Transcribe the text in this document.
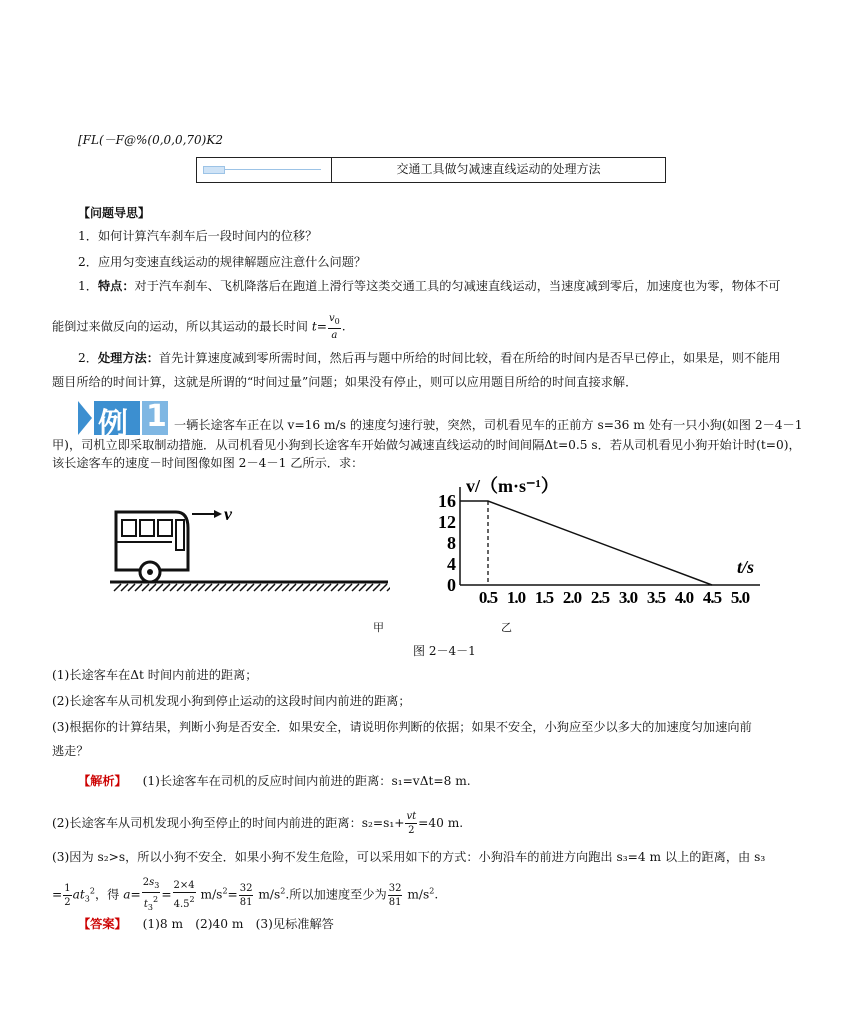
[FL(－F@%(0,0,0,70)K2
交通工具做匀减速直线运动的处理方法
【问题导思】
1．如何计算汽车刹车后一段时间内的位移？
2．应用匀变速直线运动的规律解题应注意什么问题？
1．特点：对于汽车刹车、飞机降落后在跑道上滑行等这类交通工具的匀减速直线运动，当速度减到零后，加速度也为零，物体不可
能倒过来做反向的运动，所以其运动的最长时间 $t= \frac{v_0}{a}$ .
2．处理方法：首先计算速度减到零所需时间，然后再与题中所给的时间比较，看在所给的时间内是否早已停止，如果是，则不能用
题目所给的时间计算，这就是所谓的“时间过量”问题；如果没有停止，则可以应用题目所给的时间直接求解．
例 1 一辆长途客车正在以 v=16 m/s 的速度匀速行驶，突然，司机看见车的正前方 s=36 m 处有一只小狗(如图 2－4－1
甲)，司机立即采取制动措施．从司机看见小狗到长途客车开始做匀减速直线运动的时间间隔Δt=0.5 s．若从司机看见小狗开始计时(t=0)，
该长途客车的速度－时间图像如图 2－4－1 乙所示．求：
v
0
4
8
12
16
0.5 1.0 1.5 2.0 2.5 3.0 3.5 4.0 4.5 5.0
v/（m·s⁻¹）
t/s
甲	乙
图 2－4－1
(1)长途客车在Δt 时间内前进的距离；
(2)长途客车从司机发现小狗到停止运动的这段时间内前进的距离；
(3)根据你的计算结果，判断小狗是否安全．如果安全，请说明你判断的依据；如果不安全，小狗应至少以多大的加速度匀加速向前
逃走？
【解析】 (1)长途客车在司机的反应时间内前进的距离：s₁=vΔt=8 m.
(2)长途客车从司机发现小狗至停止的时间内前进的距离：$s_2=s_1+ \frac{vt}{2} =40$ m.
(3)因为 s₂>s，所以小狗不安全．如果小狗不发生危险，可以采用如下的方式：小狗沿车的前进方向跑出 s₃=4 m 以上的距离，由 s₃
= $\frac{1}{2} at_3^2$，得 $a= \frac{2s_3}{t_3^2} = \frac{2\times 4}{4.5^2} m/s^2= \frac{32}{81} m/s^2$.所以加速度至少为 $\frac{32}{81} m/s^2$.
【答案】 (1)8 m　(2)40 m　(3)见标准解答
